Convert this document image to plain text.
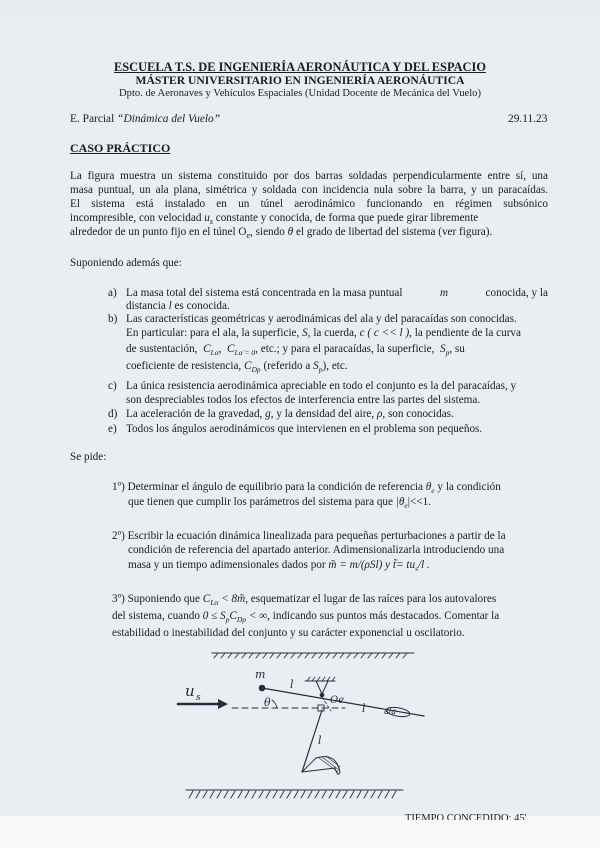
ESCUELA T.S. DE INGENIERÍA AERONÁUTICA Y DEL ESPACIO
MÁSTER UNIVERSITARIO EN INGENIERÍA AERONÁUTICA
Dpto. de Aeronaves y Vehículos Espaciales (Unidad Docente de Mecánica del Vuelo)
E. Parcial “Dinámica del Vuelo”	29.11.23
CASO PRÁCTICO
La figura muestra un sistema constituido por dos barras soldadas perpendicularmente entre sí, una
masa puntual, un ala plana, simétrica y soldada con incidencia nula sobre la barra, y un paracaídas.
El sistema está instalado en un túnel aerodinámico funcionando en régimen subsónico
incompresible, con velocidad $u_s$ constante y conocida, de forma que puede girar libremente
alrededor de un punto fijo en el túnel $O_e$, siendo θ el grado de libertad del sistema (ver figura).
Suponiendo además que:
a) La masa total del sistema está concentrada en la masa puntual	m	conocida, y la
distancia l es conocida.
b) Las características geométricas y aerodinámicas del ala y del paracaídas son conocidas.
En particular: para el ala, la superficie, S, la cuerda, c ( c << l ), la pendiente de la curva
de sustentación, $C_{L\alpha}$,  $C_{L\alphȧ = 0}$, etc.; y para el paracaídas, la superficie, $S_p$, su
coeficiente de resistencia, $C_{Dp}$ (referido a $S_p$), etc.
c) La única resistencia aerodinámica apreciable en todo el conjunto es la del paracaídas, y
son despreciables todos los efectos de interferencia entre las partes del sistema.
d) La aceleración de la gravedad, g, y la densidad del aire, ρ, son conocidas.
e) Todos los ángulos aerodinámicos que intervienen en el problema son pequeños.
Se pide:
1º) Determinar el ángulo de equilibrio para la condición de referencia $\theta_e$ y la condición
que tienen que cumplir los parámetros del sistema para que $|\theta_e|<<1$.
2º) Escribir la ecuación dinámica linealizada para pequeñas perturbaciones a partir de la
condición de referencia del apartado anterior. Adimensionalizarla introduciendo una
masa y un tiempo adimensionales dados por m̃ = m/(ρSl) y t̃= $tu_s/l$ .
3º) Suponiendo que $C_{L\alpha}$ < 8m̃, esquematizar el lugar de las raíces para los autovalores
del sistema, cuando $0 \le S_pC_{Dp}$ < ∞, indicando sus puntos más destacados. Comentar la
estabilidad o inestabilidad del conjunto y su carácter exponencial u oscilatorio.
m
u s	θ
l
l
l
Oe
ala
TIEMPO CONCEDIDO: 45'
